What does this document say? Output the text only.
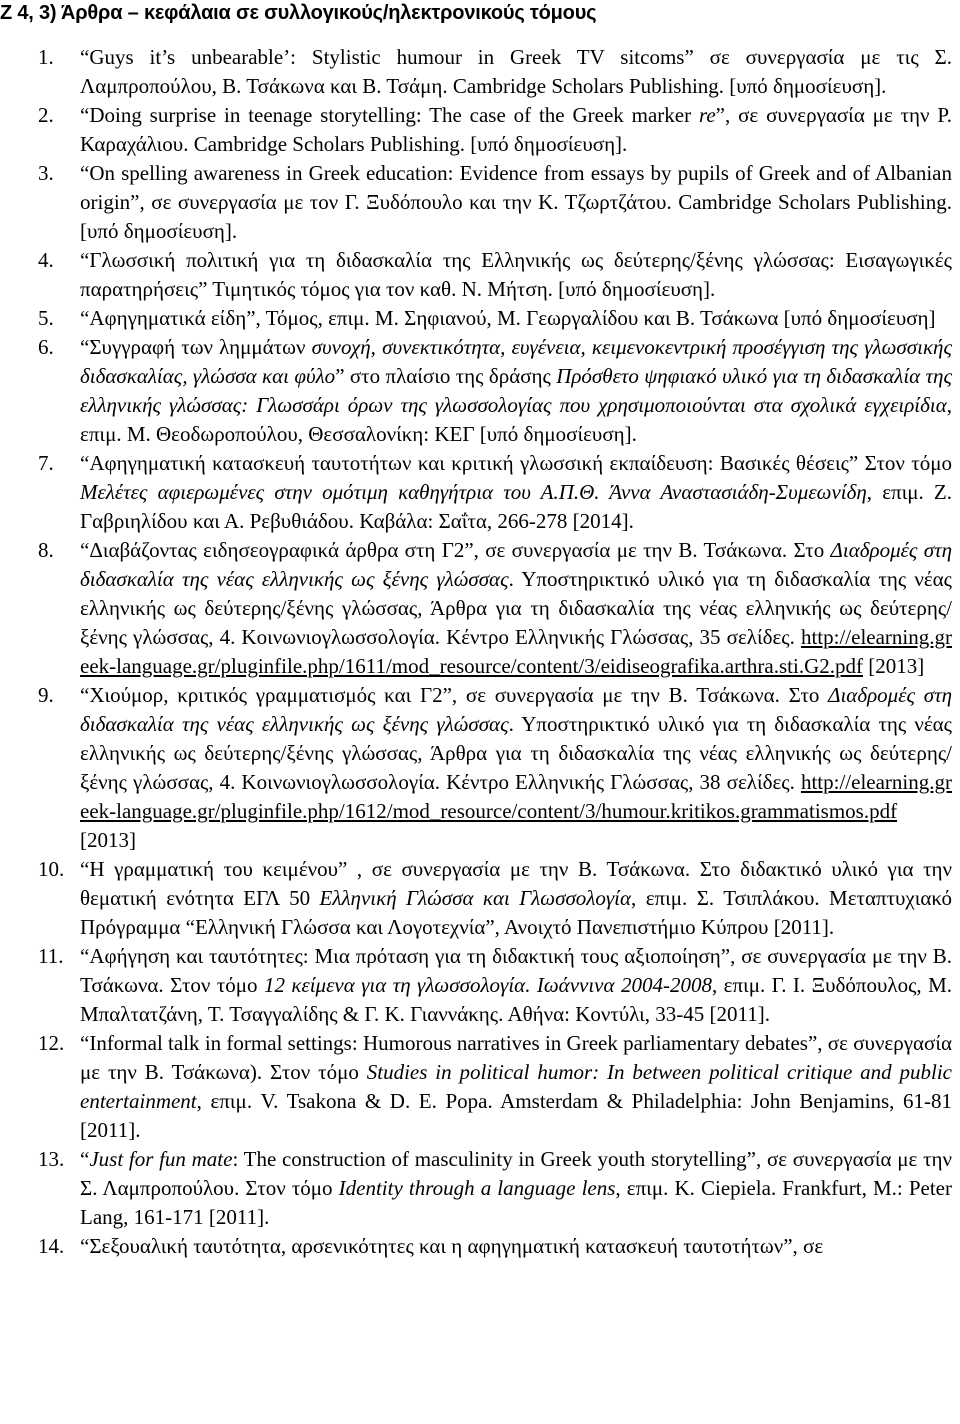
Ζ 4, 3) Άρθρα – κεφάλαια σε συλλογικούς/ηλεκτρονικούς τόμους
1. “Guys it’s unbearable’: Stylistic humour in Greek TV sitcoms” σε συνεργασία με τις Σ. Λαμπροπούλου, Β. Τσάκωνα και Β. Τσάμη. Cambridge Scholars Publishing. [υπό δημοσίευση].
2. “Doing surprise in teenage storytelling: The case of the Greek marker re”, σε συνεργασία με την Ρ. Καραχάλιου. Cambridge Scholars Publishing. [υπό δημοσίευση].
3. “On spelling awareness in Greek education: Evidence from essays by pupils of Greek and of Albanian origin”, σε συνεργασία με τον Γ. Ξυδόπουλο και την Κ. Τζωρτζάτου. Cambridge Scholars Publishing. [υπό δημοσίευση].
4. “Γλωσσική πολιτική για τη διδασκαλία της Ελληνικής ως δεύτερης/ξένης γλώσσας: Εισαγωγικές παρατηρήσεις” Τιμητικός τόμος για τον καθ. Ν. Μήτση. [υπό δημοσίευση].
5. “Αφηγηματικά είδη”, Τόμος, επιμ. Μ. Σηφιανού, Μ. Γεωργαλίδου και Β. Τσάκωνα [υπό δημοσίευση]
6. “Συγγραφή των λημμάτων συνοχή, συνεκτικότητα, ευγένεια, κειμενοκεντρική προσέγγιση της γλωσσικής διδασκαλίας, γλώσσα και φύλο” στο πλαίσιο της δράσης Πρόσθετο ψηφιακό υλικό για τη διδασκαλία της ελληνικής γλώσσας: Γλωσσάρι όρων της γλωσσολογίας που χρησιμοποιούνται στα σχολικά εγχειρίδια, επιμ. Μ. Θεοδωροπούλου, Θεσσαλονίκη: ΚΕΓ [υπό δημοσίευση].
7. “Αφηγηματική κατασκευή ταυτοτήτων και κριτική γλωσσική εκπαίδευση: Βασικές θέσεις” Στον τόμο Μελέτες αφιερωμένες στην ομότιμη καθηγήτρια του Α.Π.Θ. Άννα Αναστασιάδη-Συμεωνίδη, επιμ. Ζ. Γαβριηλίδου και Α. Ρεβυθιάδου. Καβάλα: Σαΐτα, 266-278 [2014].
8. “Διαβάζοντας ειδησεογραφικά άρθρα στη Γ2”, σε συνεργασία με την Β. Τσάκωνα. Στο Διαδρομές στη διδασκαλία της νέας ελληνικής ως ξένης γλώσσας. Υποστηρικτικό υλικό για τη διδασκαλία της νέας ελληνικής ως δεύτερης/ξένης γλώσσας, Άρθρα για τη διδασκαλία της νέας ελληνικής ως δεύτερης/ξένης γλώσσας, 4. Κοινωνιογλωσσολογία. Κέντρο Ελληνικής Γλώσσας, 35 σελίδες. http://elearning.greek-language.gr/pluginfile.php/1611/mod_resource/content/3/eidiseografika.arthra.sti.G2.pdf [2013]
9. “Χιούμορ, κριτικός γραμματισμός και Γ2”, σε συνεργασία με την Β. Τσάκωνα. Στο Διαδρομές στη διδασκαλία της νέας ελληνικής ως ξένης γλώσσας. Υποστηρικτικό υλικό για τη διδασκαλία της νέας ελληνικής ως δεύτερης/ξένης γλώσσας, Άρθρα για τη διδασκαλία της νέας ελληνικής ως δεύτερης/ξένης γλώσσας, 4. Κοινωνιογλωσσολογία. Κέντρο Ελληνικής Γλώσσας, 38 σελίδες. http://elearning.greek-language.gr/pluginfile.php/1612/mod_resource/content/3/humour.kritikos.grammatismos.pdf [2013]
10. “Η γραμματική του κειμένου” , σε συνεργασία με την Β. Τσάκωνα. Στο διδακτικό υλικό για την θεματική ενότητα ΕΓΛ 50 Ελληνική Γλώσσα και Γλωσσολογία, επιμ. Σ. Τσιπλάκου. Μεταπτυχιακό Πρόγραμμα “Ελληνική Γλώσσα και Λογοτεχνία”, Ανοιχτό Πανεπιστήμιο Κύπρου [2011].
11. “Αφήγηση και ταυτότητες: Μια πρόταση για τη διδακτική τους αξιοποίηση”, σε συνεργασία με την Β. Τσάκωνα. Στον τόμο 12 κείμενα για τη γλωσσολογία. Ιωάννινα 2004-2008, επιμ. Γ. Ι. Ξυδόπουλος, Μ. Μπαλτατζάνη, Τ. Τσαγγαλίδης & Γ. Κ. Γιαννάκης. Αθήνα: Κοντύλι, 33-45 [2011].
12. “Informal talk in formal settings: Humorous narratives in Greek parliamentary debates”, σε συνεργασία με την Β. Τσάκωνα). Στον τόμο Studies in political humor: In between political critique and public entertainment, επιμ. V. Tsakona & D. E. Popa. Amsterdam & Philadelphia: John Benjamins, 61-81 [2011].
13. “Just for fun mate: The construction of masculinity in Greek youth storytelling”, σε συνεργασία με την Σ. Λαμπροπούλου. Στον τόμο Identity through a language lens, επιμ. K. Ciepiela. Frankfurt, M.: Peter Lang, 161-171 [2011].
14. “Σεξουαλική ταυτότητα, αρσενικότητες και η αφηγηματική κατασκευή ταυτοτήτων”, σε
